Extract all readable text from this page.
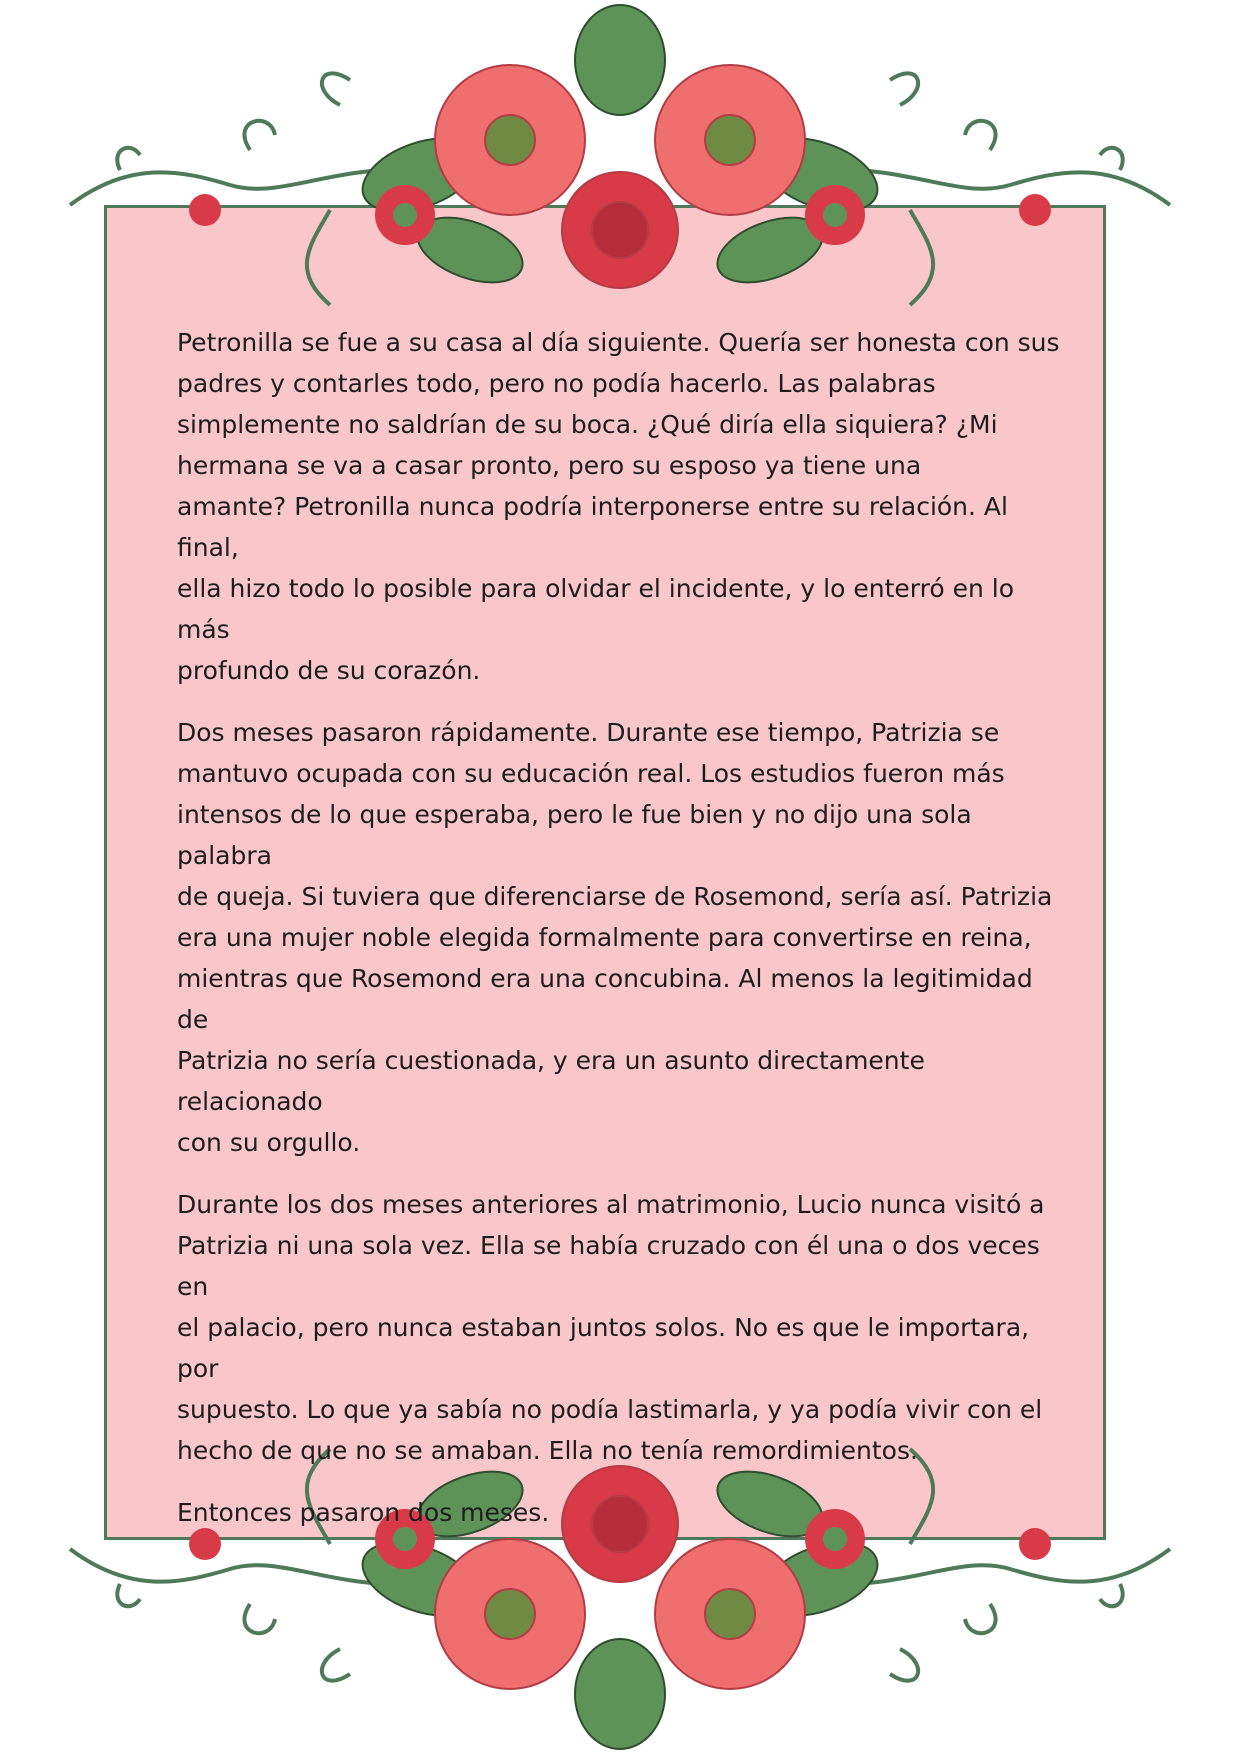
Petronilla se fue a su casa al día siguiente. Quería ser honesta con sus
padres y contarles todo, pero no podía hacerlo. Las palabras
simplemente no saldrían de su boca. ¿Qué diría ella siquiera? ¿Mi
hermana se va a casar pronto, pero su esposo ya tiene una
amante? Petronilla nunca podría interponerse entre su relación. Al final,
ella hizo todo lo posible para olvidar el incidente, y lo enterró en lo más
profundo de su corazón.

Dos meses pasaron rápidamente. Durante ese tiempo, Patrizia se
mantuvo ocupada con su educación real. Los estudios fueron más
intensos de lo que esperaba, pero le fue bien y no dijo una sola palabra
de queja. Si tuviera que diferenciarse de Rosemond, sería así. Patrizia
era una mujer noble elegida formalmente para convertirse en reina,
mientras que Rosemond era una concubina. Al menos la legitimidad de
Patrizia no sería cuestionada, y era un asunto directamente relacionado
con su orgullo.

Durante los dos meses anteriores al matrimonio, Lucio nunca visitó a
Patrizia ni una sola vez. Ella se había cruzado con él una o dos veces en
el palacio, pero nunca estaban juntos solos. No es que le importara, por
supuesto. Lo que ya sabía no podía lastimarla, y ya podía vivir con el
hecho de que no se amaban. Ella no tenía remordimientos.

Entonces pasaron dos meses.
